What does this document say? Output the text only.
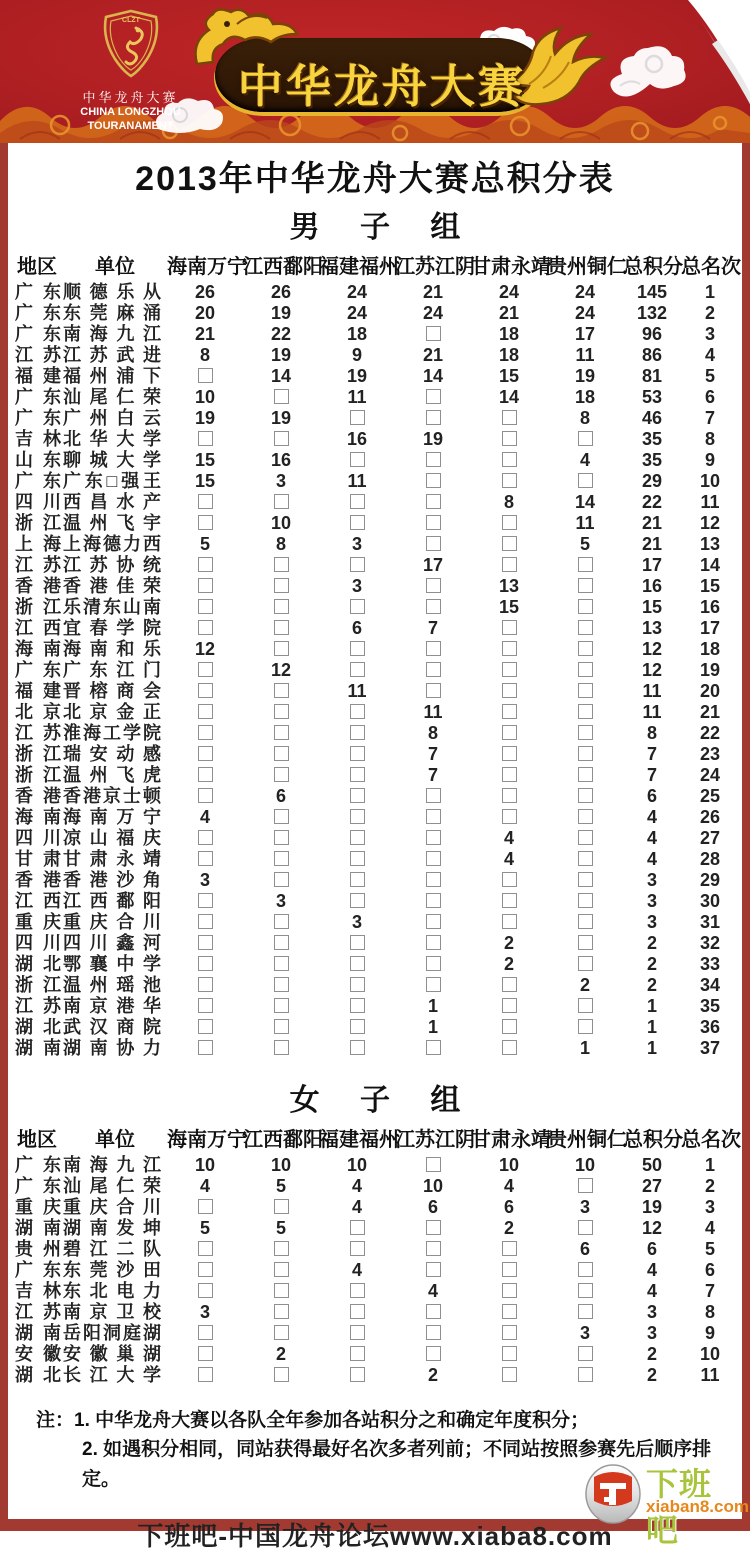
CLZT
中华龙舟大赛
CHINA LONGZHOU
TOURANAMENT
中华龙舟大赛
2013年中华龙舟大赛总积分表
男 子 组
地区	单位	海南万宁	江西鄱阳	福建福州	江苏江阴	甘肃永靖	贵州铜仁	总积分	总名次
广东	顺德乐从	26	26	24	21	24	24	145	1
广东	东莞麻涌	20	19	24	24	21	24	132	2
广东	南海九江	21	22	18		18	17	96	3
江苏	江苏武进	8	19	9	21	18	11	86	4
福建	福州浦下		14	19	14	15	19	81	5
广东	汕尾仁荣	10		11		14	18	53	6
广东	广州白云	19	19				8	46	7
吉林	北华大学			16	19			35	8
山东	聊城大学	15	16				4	35	9
广东	广东□强王	15	3	11				29	10
四川	西昌水产					8	14	22	11
浙江	温州飞宇		10				11	21	12
上海	上海德力西	5	8	3			5	21	13
江苏	江苏协统				17			17	14
香港	香港佳荣			3		13		16	15
浙江	乐清东山南					15		15	16
江西	宜春学院			6	7			13	17
海南	海南和乐	12						12	18
广东	广东江门		12					12	19
福建	晋榕商会			11				11	20
北京	北京金正				11			11	21
江苏	淮海工学院				8			8	22
浙江	瑞安动感				7			7	23
浙江	温州飞虎				7			7	24
香港	香港京士顿		6					6	25
海南	海南万宁	4						4	26
四川	凉山福庆					4		4	27
甘肃	甘肃永靖					4		4	28
香港	香港沙角	3						3	29
江西	江西鄱阳		3					3	30
重庆	重庆合川			3				3	31
四川	四川鑫河					2		2	32
湖北	鄂襄中学					2		2	33
浙江	温州瑶池						2	2	34
江苏	南京港华				1			1	35
湖北	武汉商院				1			1	36
湖南	湖南协力						1	1	37
女 子 组
地区	单位	海南万宁	江西鄱阳	福建福州	江苏江阴	甘肃永靖	贵州铜仁	总积分	总名次
广东	南海九江	10	10	10		10	10	50	1
广东	汕尾仁荣	4	5	4	10	4		27	2
重庆	重庆合川			4	6	6	3	19	3
湖南	湖南发坤	5	5			2		12	4
贵州	碧江二队						6	6	5
广东	东莞沙田			4				4	6
吉林	东北电力				4			4	7
江苏	南京卫校	3						3	8
湖南	岳阳洞庭湖						3	3	9
安徽	安徽巢湖		2					2	10
湖北	长江大学				2			2	11
注：1. 中华龙舟大赛以各队全年参加各站积分之和确定年度积分；
2. 如遇积分相同，同站获得最好名次多者列前；不同站按照参赛先后顺序排定。
下班吧-中国龙舟论坛www.xiaba8.com
下班吧
xiaban8.com
